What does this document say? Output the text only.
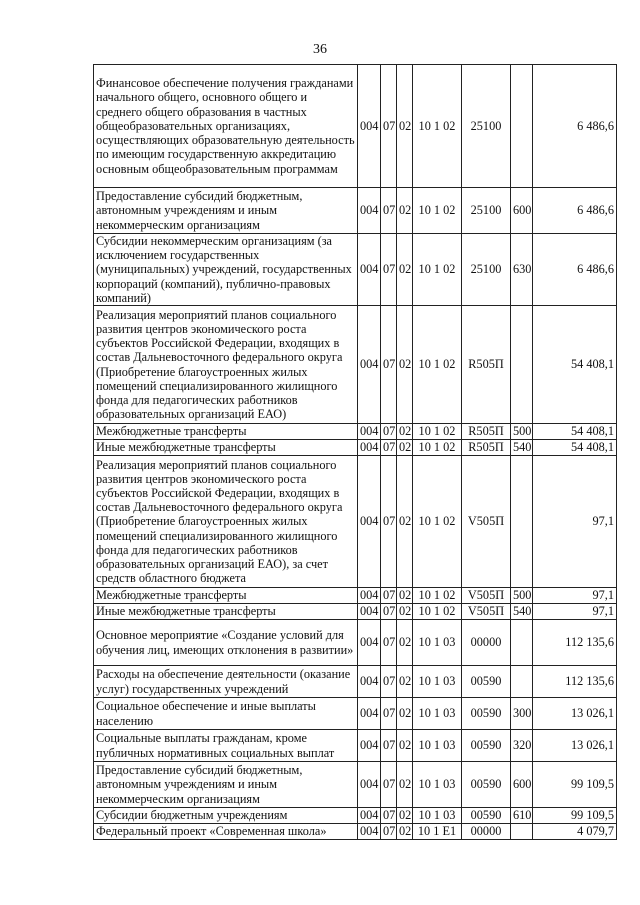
36
Финансовое обеспечение получения гражданами начального общего, основного общего и среднего общего образования в частных общеобразовательных организациях, осуществляющих образовательную деятельность по имеющим государственную аккредитацию основным общеобразовательным программам	004	07	02	10 1 02	25100		6 486,6
Предоставление субсидий бюджетным, автономным учреждениям и иным некоммерческим организациям	004	07	02	10 1 02	25100	600	6 486,6
Субсидии некоммерческим организациям (за исключением государственных (муниципальных) учреждений, государственных корпораций (компаний), публично-правовых компаний)	004	07	02	10 1 02	25100	630	6 486,6
Реализация мероприятий планов социального развития центров экономического роста субъектов Российской Федерации, входящих в состав Дальневосточного федерального округа (Приобретение благоустроенных жилых помещений специализированного жилищного фонда для педагогических работников образовательных организаций ЕАО)	004	07	02	10 1 02	R505П		54 408,1
Межбюджетные трансферты	004	07	02	10 1 02	R505П	500	54 408,1
Иные межбюджетные трансферты	004	07	02	10 1 02	R505П	540	54 408,1
Реализация мероприятий планов социального развития центров экономического роста субъектов Российской Федерации, входящих в состав Дальневосточного федерального округа (Приобретение благоустроенных жилых помещений специализированного жилищного фонда для педагогических работников образовательных организаций ЕАО), за счет средств областного бюджета	004	07	02	10 1 02	V505П		97,1
Межбюджетные трансферты	004	07	02	10 1 02	V505П	500	97,1
Иные межбюджетные трансферты	004	07	02	10 1 02	V505П	540	97,1
Основное мероприятие «Создание условий для обучения лиц, имеющих отклонения в развитии»	004	07	02	10 1 03	00000		112 135,6
Расходы на обеспечение деятельности (оказание услуг) государственных учреждений	004	07	02	10 1 03	00590		112 135,6
Социальное обеспечение и иные выплаты населению	004	07	02	10 1 03	00590	300	13 026,1
Социальные выплаты гражданам, кроме публичных нормативных социальных выплат	004	07	02	10 1 03	00590	320	13 026,1
Предоставление субсидий бюджетным, автономным учреждениям и иным некоммерческим организациям	004	07	02	10 1 03	00590	600	99 109,5
Субсидии бюджетным учреждениям	004	07	02	10 1 03	00590	610	99 109,5
Федеральный проект «Современная школа»	004	07	02	10 1 E1	00000		4 079,7
